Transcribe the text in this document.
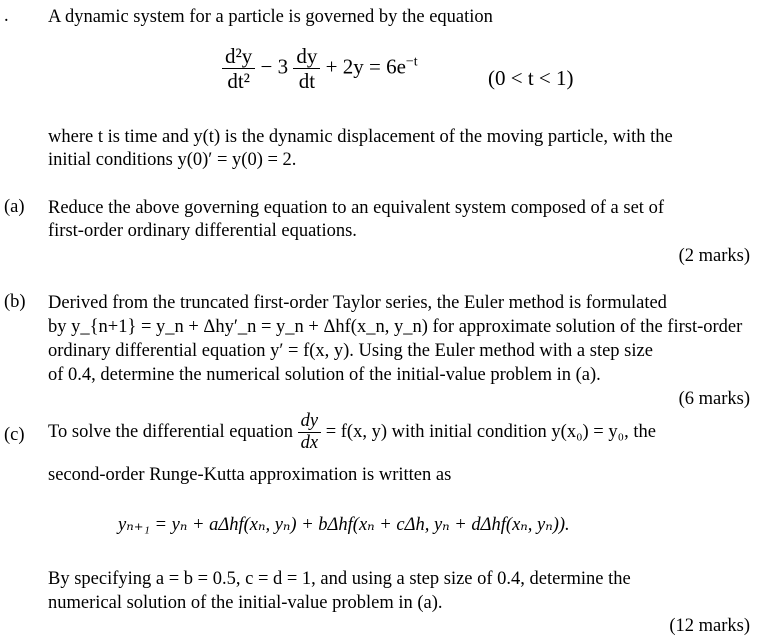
. A dynamic system for a particle is governed by the equation
$\frac{\text{d²y}}{\text{dt²}} - 3 \frac{dy}{dt} + 2y = 6e^{-t}$
(0 < t < 1)
where t is time and y(t) is the dynamic displacement of the moving particle, with the
initial conditions y(0)′ = y(0) = 2.
(a) Reduce the above governing equation to an equivalent system composed of a set of
first-order ordinary differential equations.
(2 marks)
(b) Derived from the truncated first-order Taylor series, the Euler method is formulated
by y_{n+1} = y_n + Δhy′_n = y_n + Δhf(x_n, y_n) for approximate solution of the first-order
ordinary differential equation y′ = f(x, y). Using the Euler method with a step size
of 0.4, determine the numerical solution of the initial-value problem in (a).
(6 marks)
(c) To solve the differential equation $\frac{dy}{dx} = f(x$, y) with initial condition y(x₀) = y₀, the
second-order Runge-Kutta approximation is written as
yₙ₊₁ = yₙ + aΔhf(xₙ, yₙ) + bΔhf(xₙ + cΔh, yₙ + dΔhf(xₙ, yₙ)).
By specifying a = b = 0.5, c = d = 1, and using a step size of 0.4, determine the
numerical solution of the initial-value problem in (a).
(12 marks)
